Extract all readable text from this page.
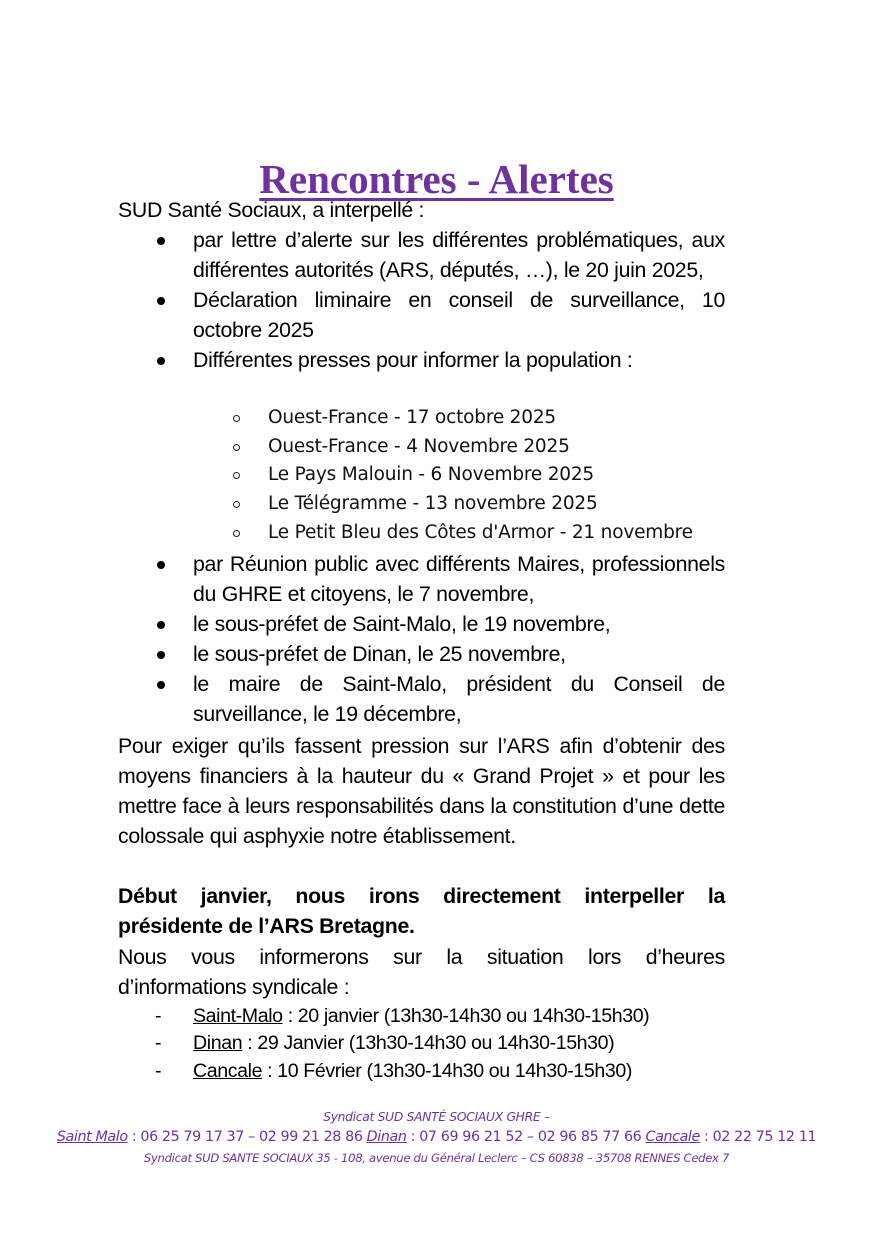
Rencontres - Alertes
SUD Santé Sociaux, a interpellé :
par lettre d’alerte sur les différentes problématiques, aux différentes autorités (ARS, députés, …), le 20 juin 2025,
Déclaration liminaire en conseil de surveillance, 10 octobre 2025
Différentes presses pour informer la population :
Ouest-France - 17 octobre 2025
Ouest-France - 4 Novembre 2025
Le Pays Malouin - 6 Novembre 2025
Le Télégramme - 13 novembre 2025
Le Petit Bleu des Côtes d'Armor - 21 novembre
par Réunion public avec différents Maires, professionnels du GHRE et citoyens, le 7 novembre,
le sous-préfet de Saint-Malo, le 19 novembre,
le sous-préfet de Dinan, le 25 novembre,
le maire de Saint-Malo, président du Conseil de surveillance, le 19 décembre,
Pour exiger qu’ils fassent pression sur l’ARS afin d’obtenir des moyens financiers à la hauteur du « Grand Projet » et pour les mettre face à leurs responsabilités dans la constitution d’une dette colossale qui asphyxie notre établissement.
Début janvier, nous irons directement interpeller la présidente de l’ARS Bretagne.
Nous vous informerons sur la situation lors d’heures d’informations syndicale :
- Saint-Malo : 20 janvier (13h30-14h30 ou 14h30-15h30)
- Dinan : 29 Janvier (13h30-14h30 ou 14h30-15h30)
- Cancale : 10 Février (13h30-14h30 ou 14h30-15h30)
Syndicat SUD SANTÉ SOCIAUX GHRE –
Saint Malo : 06 25 79 17 37 – 02 99 21 28 86 Dinan : 07 69 96 21 52 – 02 96 85 77 66 Cancale : 02 22 75 12 11
Syndicat SUD SANTE SOCIAUX 35 - 108, avenue du Général Leclerc – CS 60838 – 35708 RENNES Cedex 7
